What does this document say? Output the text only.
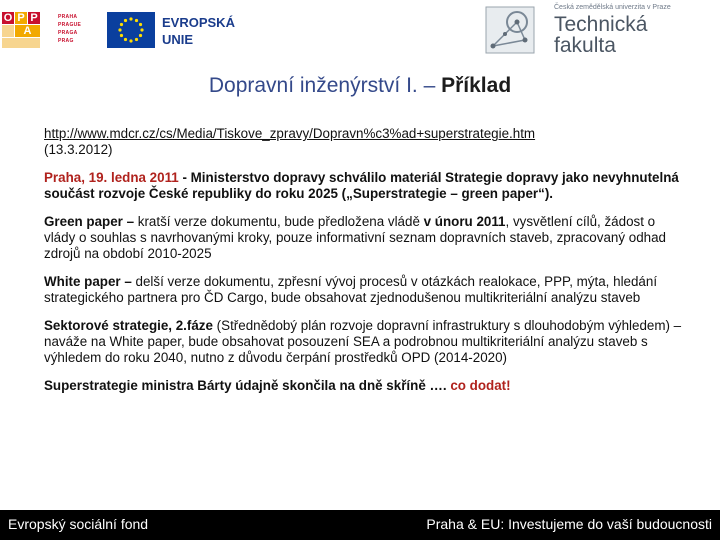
O P P
A
PRAHA
PRAGUE
PRAGA
PRAG
EVROPSKÁ
UNIE
Česká zemědělská univerzita v Praze
Technická
fakulta
Dopravní inženýrství I. – Příklad
http://www.mdcr.cz/cs/Media/Tiskove_zpravy/Dopravn%c3%ad+superstrategie.htm
(13.3.2012)
Praha, 19. ledna 2011 - Ministerstvo dopravy schválilo materiál Strategie dopravy jako nevyhnutelná součást rozvoje České republiky do roku 2025 („Superstrategie – green paper“).
Green paper – kratší verze dokumentu, bude předložena vládě v únoru 2011, vysvětlení cílů, žádost o vlády o souhlas s navrhovanými kroky, pouze informativní seznam dopravních staveb, zpracovaný odhad zdrojů na období 2010-2025
White paper – delší verze dokumentu, zpřesní vývoj procesů v otázkách realokace, PPP, mýta, hledání strategického partnera pro ČD Cargo, bude obsahovat zjednodušenou multikriteriální analýzu staveb
Sektorové strategie, 2.fáze (Střednědobý plán rozvoje dopravní infrastruktury s dlouhodobým výhledem) – naváže na White paper, bude obsahovat posouzení SEA a podrobnou multikriteriální analýzu staveb s výhledem do roku 2040, nutno z důvodu čerpání prostředků OPD (2014-2020)
Superstrategie ministra Bárty údajně skončila na dně skříně …. co dodat!
Evropský sociální fond	Praha & EU: Investujeme do vaší budoucnosti
